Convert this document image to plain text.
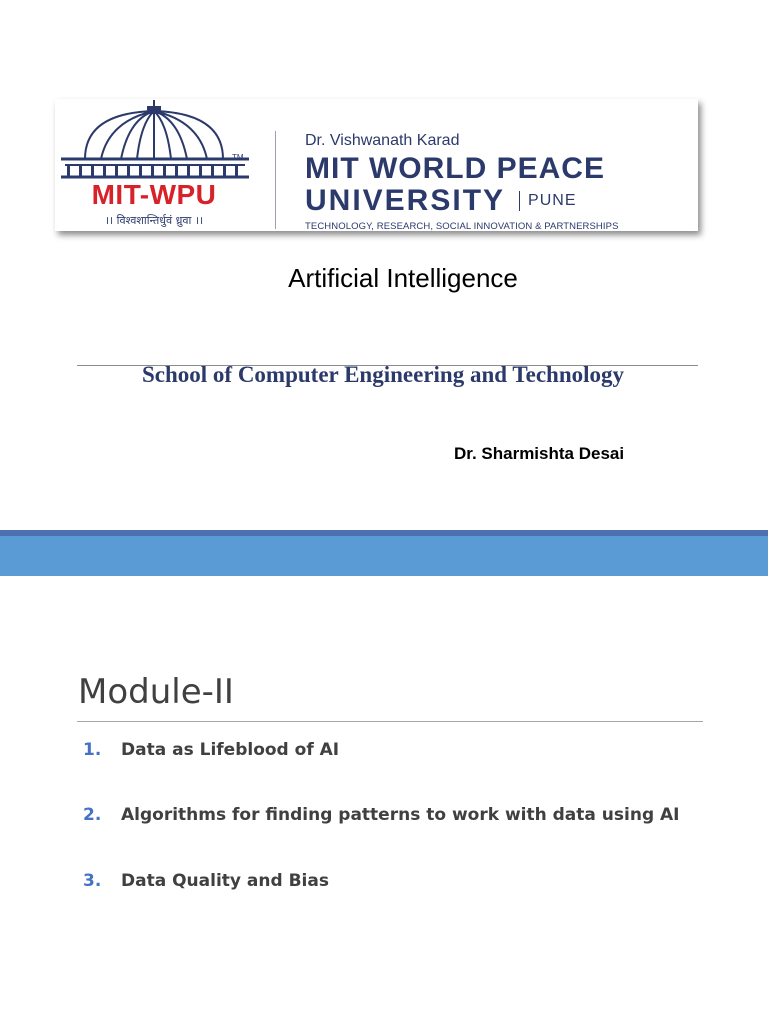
TM
MIT-WPU
।। विश्वशान्तिर्धुवं ध्रुवा ।।
Dr. Vishwanath Karad
MIT WORLD PEACE
UNIVERSITY PUNE
TECHNOLOGY, RESEARCH, SOCIAL INNOVATION & PARTNERSHIPS
Artificial Intelligence
School of Computer Engineering and Technology
Dr. Sharmishta Desai
Module-II
1.	Data as Lifeblood of AI
2.	Algorithms for finding patterns to work with data using AI
3.	Data Quality and Bias
